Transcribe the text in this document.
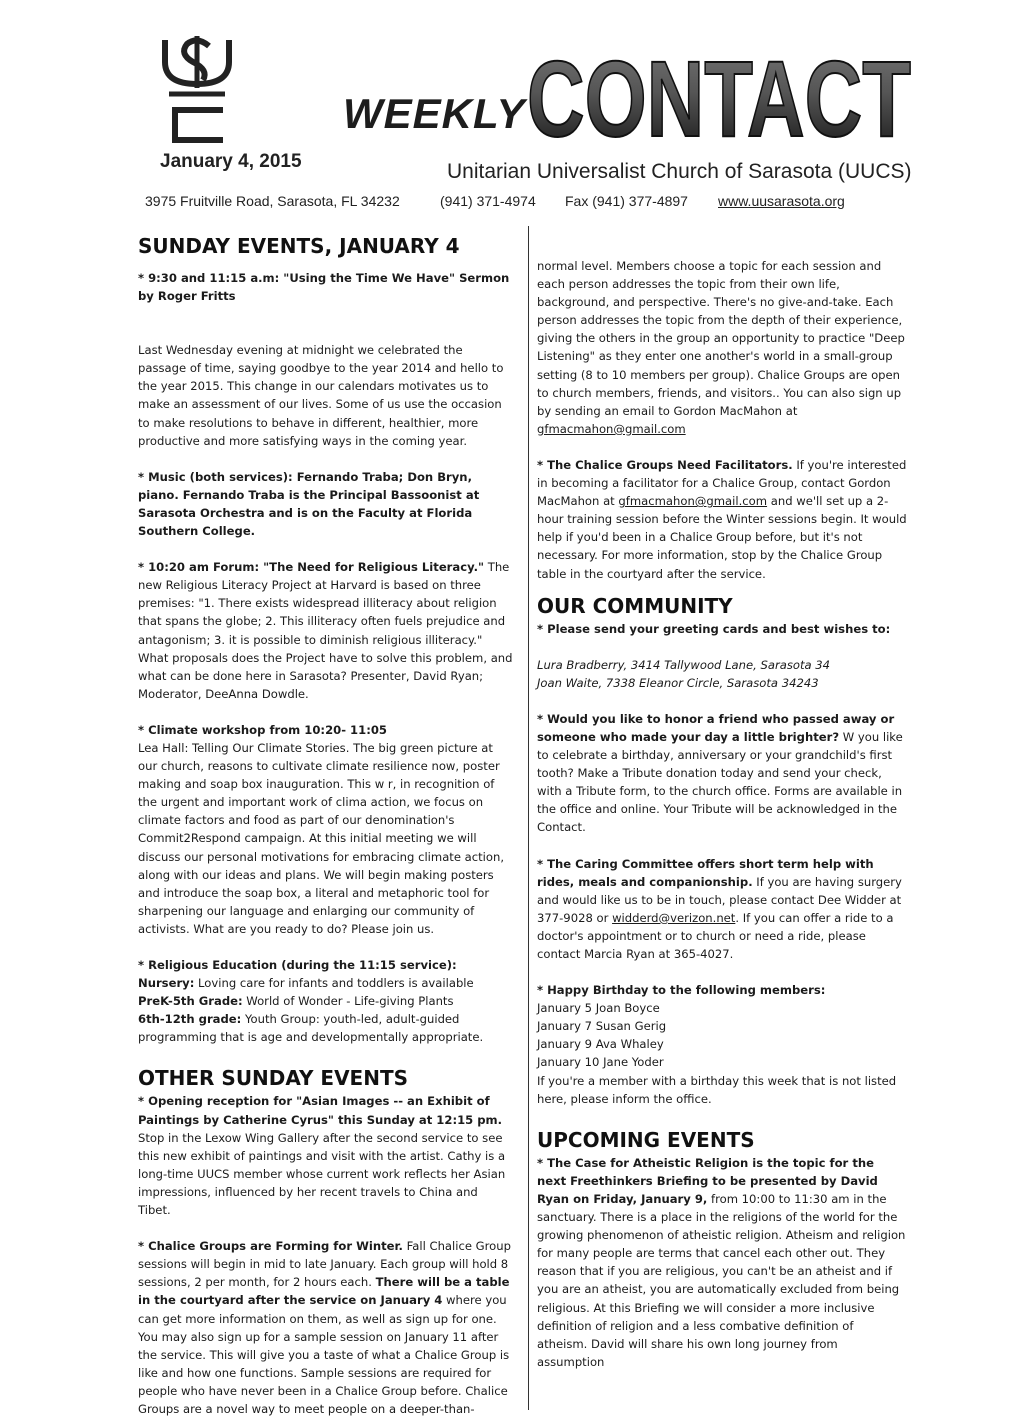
WEEKLY CONTACT
January 4, 2015	Unitarian Universalist Church of Sarasota (UUCS)
3975 Fruitville Road, Sarasota, FL 34232	(941) 371-4974 Fax (941) 377-4897 www.uusarasota.org
SUNDAY EVENTS, JANUARY 4

* 9:30 and 11:15 a.m: "Using the Time We Have" Sermon by Roger Fritts

Last Wednesday evening at midnight we celebrated the passage of time, saying goodbye to the year 2014 and hello to the year 2015. This change in our calendars motivates us to make an assessment of our lives. Some of us use the occasion to make resolutions to behave in different, healthier, more productive and more satisfying ways in the coming year.

* Music (both services): Fernando Traba; Don Bryn, piano. Fernando Traba is the Principal Bassoonist at Sarasota Orchestra and is on the Faculty at Florida Southern College.

* 10:20 am Forum: "The Need for Religious Literacy." The new Religious Literacy Project at Harvard is based on three premises: "1. There exists widespread illiteracy about religion that spans the globe; 2. This illiteracy often fuels prejudice and antagonism; 3. it is possible to diminish religious illiteracy." What proposals does the Project have to solve this problem, and what can be done here in Sarasota? Presenter, David Ryan; Moderator, DeeAnna Dowdle.

* Climate workshop from 10:20- 11:05

Lea Hall: Telling Our Climate Stories. The big green picture at our church, reasons to cultivate climate resilience now, poster making and soap box inauguration. This w r, in recognition of the urgent and important work of clima action, we focus on climate factors and food as part of our denomination's Commit2Respond campaign. At this initial meeting we will discuss our personal motivations for embracing climate action, along with our ideas and plans. We will begin making posters and introduce the soap box, a literal and metaphoric tool for sharpening our language and enlarging our community of activists. What are you ready to do? Please join us.

* Religious Education (during the 11:15 service):

Nursery: Loving care for infants and toddlers is available

PreK-5th Grade: World of Wonder - Life-giving Plants

6th-12th grade: Youth Group: youth-led, adult-guided programming that is age and developmentally appropriate.

OTHER SUNDAY EVENTS

* Opening reception for "Asian Images -- an Exhibit of Paintings by Catherine Cyrus" this Sunday at 12:15 pm. Stop in the Lexow Wing Gallery after the second service to see this new exhibit of paintings and visit with the artist. Cathy is a long-time UUCS member whose current work reflects her Asian impressions, influenced by her recent travels to China and Tibet.

* Chalice Groups are Forming for Winter. Fall Chalice Group sessions will begin in mid to late January. Each group will hold 8 sessions, 2 per month, for 2 hours each. There will be a table in the courtyard after the service on January 4 where you can get more information on them, as well as sign up for one. You may also sign up for a sample session on January 11 after the service. This will give you a taste of what a Chalice Group is like and how one functions. Sample sessions are required for people who have never been in a Chalice Group before. Chalice Groups are a novel way to meet people on a deeper-than-

normal level. Members choose a topic for each session and each person addresses the topic from their own life, background, and perspective. There's no give-and-take. Each person addresses the topic from the depth of their experience, giving the others in the group an opportunity to practice "Deep Listening" as they enter one another's world in a small-group setting (8 to 10 members per group). Chalice Groups are open to church members, friends, and visitors.. You can also sign up by sending an email to Gordon MacMahon at gfmacmahon@gmail.com

* The Chalice Groups Need Facilitators. If you're interested in becoming a facilitator for a Chalice Group, contact Gordon MacMahon at gfmacmahon@gmail.com and we'll set up a 2-hour training session before the Winter sessions begin. It would help if you'd been in a Chalice Group before, but it's not necessary. For more information, stop by the Chalice Group table in the courtyard after the service.

OUR COMMUNITY

* Please send your greeting cards and best wishes to:

Lura Bradberry, 3414 Tallywood Lane, Sarasota 34

Joan Waite, 7338 Eleanor Circle, Sarasota 34243

* Would you like to honor a friend who passed away or someone who made your day a little brighter? W you like to celebrate a birthday, anniversary or your grandchild's first tooth? Make a Tribute donation today and send your check, with a Tribute form, to the church office. Forms are available in the office and online. Your Tribute will be acknowledged in the Contact.

* The Caring Committee offers short term help with rides, meals and companionship. If you are having surgery and would like us to be in touch, please contact Dee Widder at 377-9028 or widderd@verizon.net. If you can offer a ride to a doctor's appointment or to church or need a ride, please contact Marcia Ryan at 365-4027.

* Happy Birthday to the following members:

January 5 Joan Boyce

January 7 Susan Gerig

January 9 Ava Whaley

January 10 Jane Yoder

If you're a member with a birthday this week that is not listed here, please inform the office.

UPCOMING EVENTS

* The Case for Atheistic Religion is the topic for the next Freethinkers Briefing to be presented by David Ryan on Friday, January 9, from 10:00 to 11:30 am in the sanctuary. There is a place in the religions of the world for the growing phenomenon of atheistic religion. Atheism and religion for many people are terms that cancel each other out. They reason that if you are religious, you can't be an atheist and if you are an atheist, you are automatically excluded from being religious. At this Briefing we will consider a more inclusive definition of religion and a less combative definition of atheism. David will share his own long journey from assumption
